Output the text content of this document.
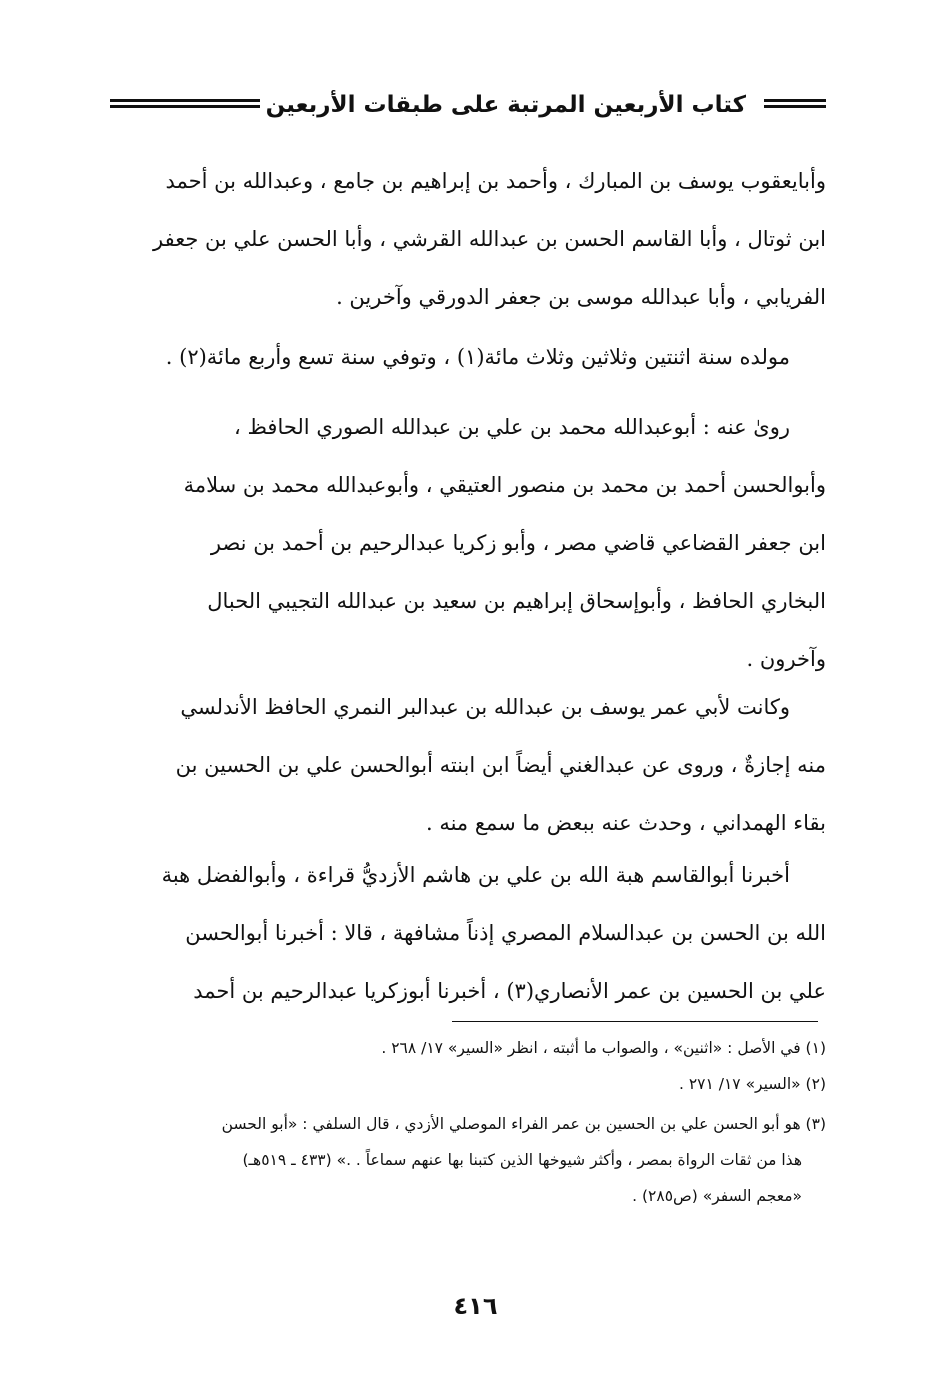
كتاب الأربعين المرتبة على طبقات الأربعين
وأبايعقوب يوسف بن المبارك ، وأحمد بن إبراهيم بن جامع ، وعبدالله بن أحمد
ابن ثوتال ، وأبا القاسم الحسن بن عبدالله القرشي ، وأبا الحسن علي بن جعفر
الفريابي ، وأبا عبدالله موسى بن جعفر الدورقي وآخرين .
مولده سنة اثنتين وثلاثين وثلاث مائة(١) ، وتوفي سنة تسع وأربع مائة(٢) .
روىٰ عنه : أبوعبدالله محمد بن علي بن عبدالله الصوري الحافظ ،
وأبوالحسن أحمد بن محمد بن منصور العتيقي ، وأبوعبدالله محمد بن سلامة
ابن جعفر القضاعي قاضي مصر ، وأبو زكريا عبدالرحيم بن أحمد بن نصر
البخاري الحافظ ، وأبوإسحاق إبراهيم بن سعيد بن عبدالله التجيبي الحبال
وآخرون .
وكانت لأبي عمر يوسف بن عبدالله بن عبدالبر النمري الحافظ الأندلسي
منه إجازةٌ ، وروى عن عبدالغني أيضاً ابن ابنته أبوالحسن علي بن الحسين بن
بقاء الهمداني ، وحدث عنه ببعض ما سمع منه .
أخبرنا أبوالقاسم هبة الله بن علي بن هاشم الأزديُّ قراءة ، وأبوالفضل هبة
الله بن الحسن بن عبدالسلام المصري إذناً مشافهة ، قالا : أخبرنا أبوالحسن
علي بن الحسين بن عمر الأنصاري(٣) ، أخبرنا أبوزكريا عبدالرحيم بن أحمد
(١) في الأصل : «اثنين» ، والصواب ما أثبته ، انظر «السير» ١٧/ ٢٦٨ .
(٢) «السير» ١٧/ ٢٧١ .
(٣) هو أبو الحسن علي بن الحسين بن عمر الفراء الموصلي الأزدي ، قال السلفي : «أبو الحسن
هذا من ثقات الرواة بمصر ، وأكثر شيوخها الذين كتبنا بها عنهم سماعاً . .» (٤٣٣ ـ ٥١٩هـ)
«معجم السفر» (ص٢٨٥) .
٤١٦
